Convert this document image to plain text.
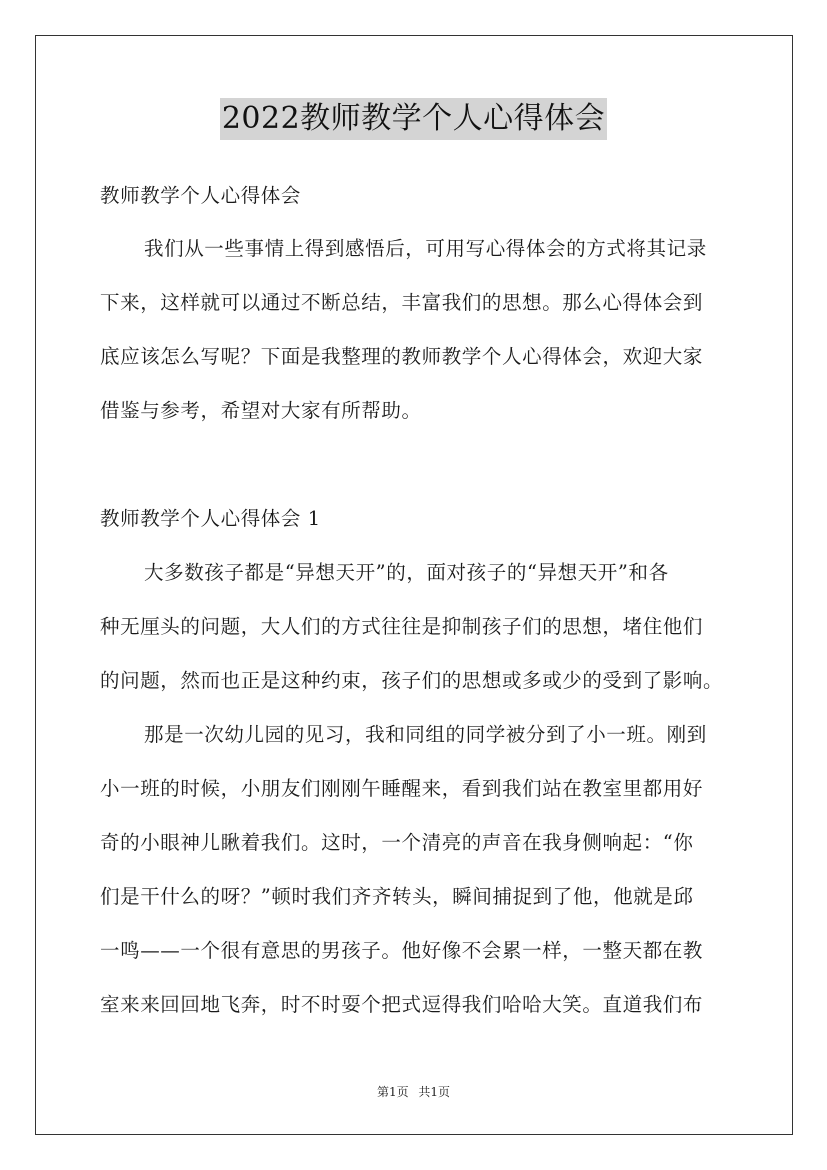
2022教师教学个人心得体会
教师教学个人心得体会
我们从一些事情上得到感悟后，可用写心得体会的方式将其记录
下来，这样就可以通过不断总结，丰富我们的思想。那么心得体会到
底应该怎么写呢？下面是我整理的教师教学个人心得体会，欢迎大家
借鉴与参考，希望对大家有所帮助。
教师教学个人心得体会 1
大多数孩子都是“异想天开”的，面对孩子的“异想天开”和各
种无厘头的问题，大人们的方式往往是抑制孩子们的思想，堵住他们
的问题，然而也正是这种约束，孩子们的思想或多或少的受到了影响。
那是一次幼儿园的见习，我和同组的同学被分到了小一班。刚到
小一班的时候，小朋友们刚刚午睡醒来，看到我们站在教室里都用好
奇的小眼神儿瞅着我们。这时，一个清亮的声音在我身侧响起：“你
们是干什么的呀？”顿时我们齐齐转头，瞬间捕捉到了他，他就是邱
一鸣——一个很有意思的男孩子。他好像不会累一样，一整天都在教
室来来回回地飞奔，时不时耍个把式逗得我们哈哈大笑。直道我们布
第1页 共1页
